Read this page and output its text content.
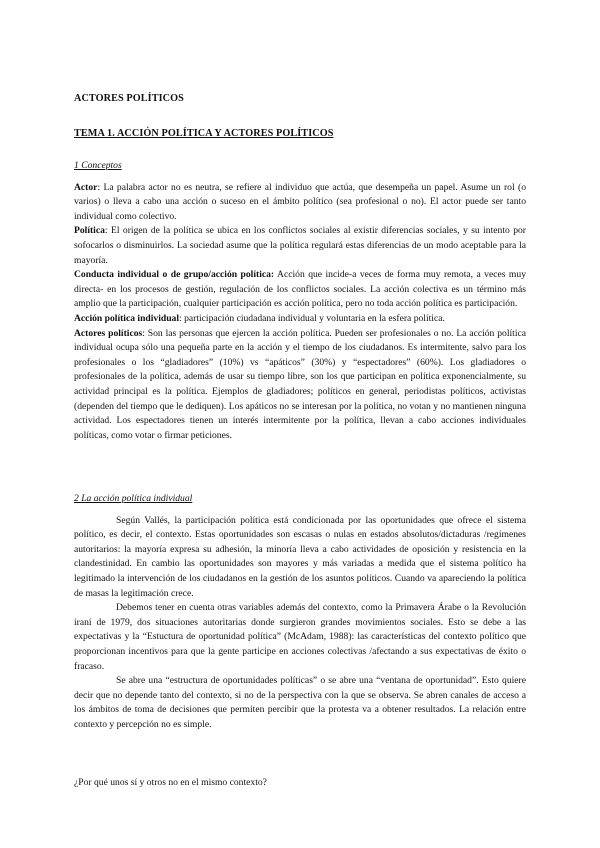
ACTORES POLÍTICOS
TEMA 1. ACCIÓN POLÍTICA Y ACTORES POLÍTICOS
1 Conceptos

Actor: La palabra actor no es neutra, se refiere al individuo que actúa, que desempeña un papel. Asume un rol (o varios) o lleva a cabo una acción o suceso en el ámbito político (sea profesional o no). El actor puede ser tanto individual como colectivo.

Política: El origen de la política se ubica en los conflictos sociales al existir diferencias sociales, y su intento por sofocarlos o disminuirlos. La sociedad asume que la política regulará estas diferencias de un modo aceptable para la mayoría.

Conducta individual o de grupo/acción política: Acción que incide-a veces de forma muy remota, a veces muy directa- en los procesos de gestión, regulación de los conflictos sociales. La acción colectiva es un término más amplio que la participación, cualquier participación es acción política, pero no toda acción política es participación.

Acción política individual: participación ciudadana individual y voluntaria en la esfera política.

Actores políticos: Son las personas que ejercen la acción política. Pueden ser profesionales o no. La acción política individual ocupa sólo una pequeña parte en la acción y el tiempo de los ciudadanos. Es intermitente, salvo para los profesionales o los “gladiadores” (10%) vs “apáticos” (30%) y “espectadores” (60%). Los gladiadores o profesionales de la política, además de usar su tiempo libre, son los que participan en política exponencialmente, su actividad principal es la política. Ejemplos de gladiadores; políticos en general, periodistas políticos, activistas (dependen del tiempo que le dediquen). Los apáticos no se interesan por la política, no votan y no mantienen ninguna actividad. Los espectadores tienen un interés intermitente por la política, llevan a cabo acciones individuales políticas, como votar o firmar peticiones.

2 La acción política individual

Según Vallés, la participación política está condicionada por las oportunidades que ofrece el sistema político, es decir, el contexto. Estas oportunidades son escasas o nulas en estados absolutos/dictaduras /regímenes autoritarios: la mayoría expresa su adhesión, la minoría lleva a cabo actividades de oposición y resistencia en la clandestinidad. En cambio las oportunidades son mayores y más variadas a medida que el sistema político ha legitimado la intervención de los ciudadanos en la gestión de los asuntos políticos. Cuando va apareciendo la política de masas la legitimación crece.

Debemos tener en cuenta otras variables además del contexto, como la Primavera Árabe o la Revolución iraní de 1979, dos situaciones autoritarias donde surgieron grandes movimientos sociales. Esto se debe a las expectativas y la “Estuctura de oportunidad política” (McAdam, 1988): las características del contexto político que proporcionan incentivos para que la gente participe en acciones colectivas /afectando a sus expectativas de éxito o fracaso.

Se abre una “estructura de oportunidades políticas” o se abre una “ventana de oportunidad”. Esto quiere decir que no depende tanto del contexto, si no de la perspectiva con la que se observa. Se abren canales de acceso a los ámbitos de toma de decisiones que permiten percibir que la protesta va a obtener resultados. La relación entre contexto y percepción no es simple.

¿Por qué unos sí y otros no en el mismo contexto?
